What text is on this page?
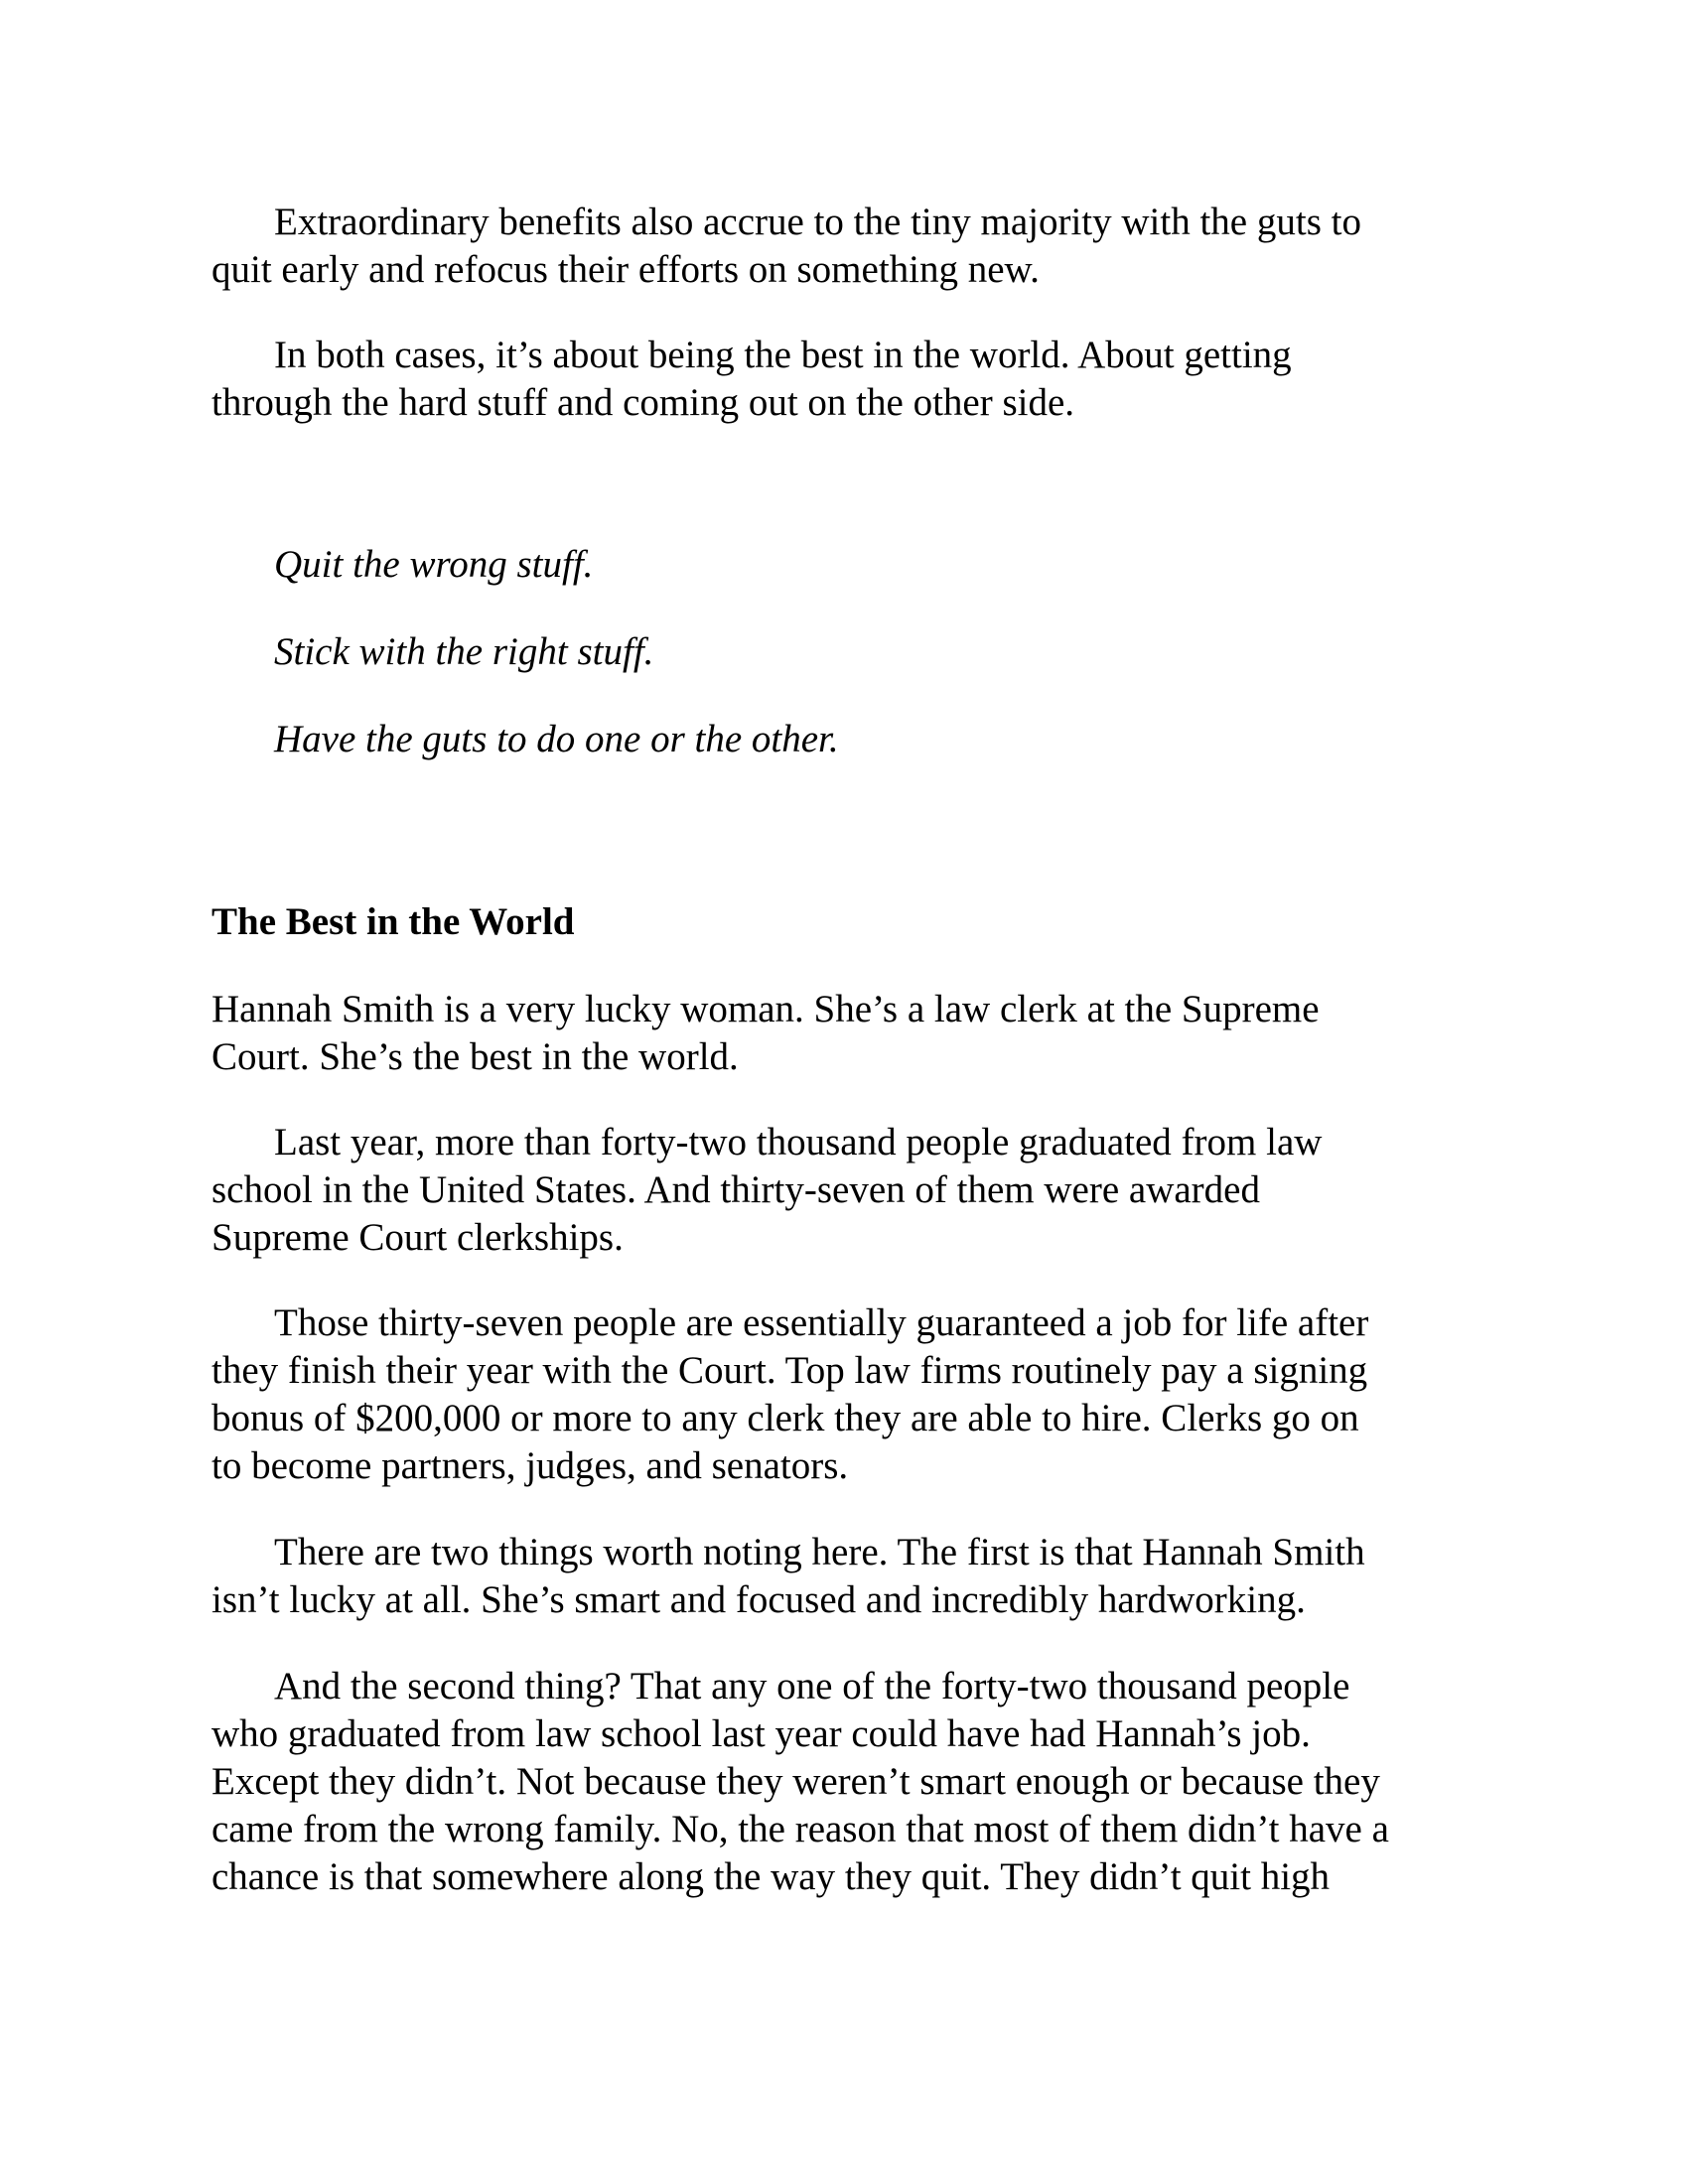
Extraordinary benefits also accrue to the tiny majority with the guts to
quit early and refocus their efforts on something new.

In both cases, it’s about being the best in the world. About getting
through the hard stuff and coming out on the other side.

Quit the wrong stuff.

Stick with the right stuff.

Have the guts to do one or the other.

The Best in the World

Hannah Smith is a very lucky woman. She’s a law clerk at the Supreme
Court. She’s the best in the world.

Last year, more than forty-two thousand people graduated from law
school in the United States. And thirty-seven of them were awarded
Supreme Court clerkships.

Those thirty-seven people are essentially guaranteed a job for life after
they finish their year with the Court. Top law firms routinely pay a signing
bonus of $200,000 or more to any clerk they are able to hire. Clerks go on
to become partners, judges, and senators.

There are two things worth noting here. The first is that Hannah Smith
isn’t lucky at all. She’s smart and focused and incredibly hardworking.

And the second thing? That any one of the forty-two thousand people
who graduated from law school last year could have had Hannah’s job.
Except they didn’t. Not because they weren’t smart enough or because they
came from the wrong family. No, the reason that most of them didn’t have a
chance is that somewhere along the way they quit. They didn’t quit high
